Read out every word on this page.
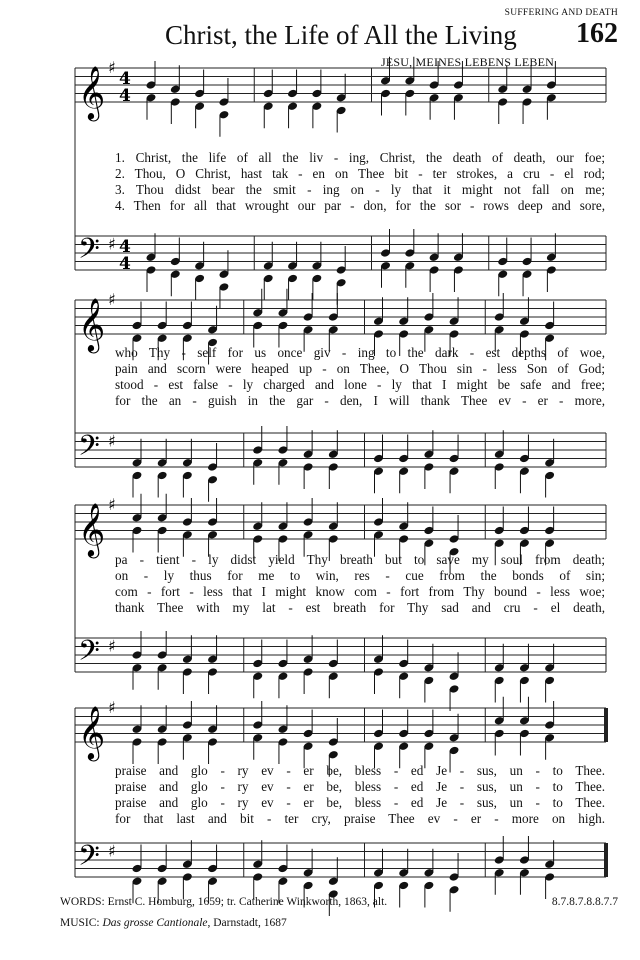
SUFFERING AND DEATH
Christ, the Life of All the Living 162
JESU, MEINES LEBENS LEBEN
𝄞 ♯
4
4
𝄢 ♯ 4
4
𝄞 ♯
𝄢 ♯
𝄞 ♯
𝄢 ♯
𝄞 ♯
𝄢 ♯
1. Christ, the life of all the liv - ing, Christ, the death of death, our foe;
2. Thou, O Christ, hast tak - en on Thee bit - ter strokes, a cru - el rod;
3. Thou didst bear the smit - ing on - ly that it might not fall on me;
4. Then for all that wrought our par - don, for the sor - rows deep and sore,
who Thy - self for us once giv - ing to the dark - est depths of woe,
pain and scorn were heaped up - on Thee, O Thou sin - less Son of God;
stood - est false - ly charged and lone - ly that I might be safe and free;
for the an - guish in the gar - den, I will thank Thee ev - er - more,
pa - tient - ly didst yield Thy breath but to save my soul from death;
on - ly thus for me to win, res - cue from the bonds of sin;
com - fort - less that I might know com - fort from Thy bound - less woe;
thank Thee with my lat - est breath for Thy sad and cru - el death,
praise and glo - ry ev - er be, bless - ed Je - sus, un - to Thee.
praise and glo - ry ev - er be, bless - ed Je - sus, un - to Thee.
praise and glo - ry ev - er be, bless - ed Je - sus, un - to Thee.
for that last and bit - ter cry, praise Thee ev - er - more on high.
WORDS: Ernst C. Homburg, 1659; tr. Catherine Winkworth, 1863, alt.
MUSIC: Das grosse Cantionale, Darnstadt, 1687
8.7.8.7.8.8.7.7
